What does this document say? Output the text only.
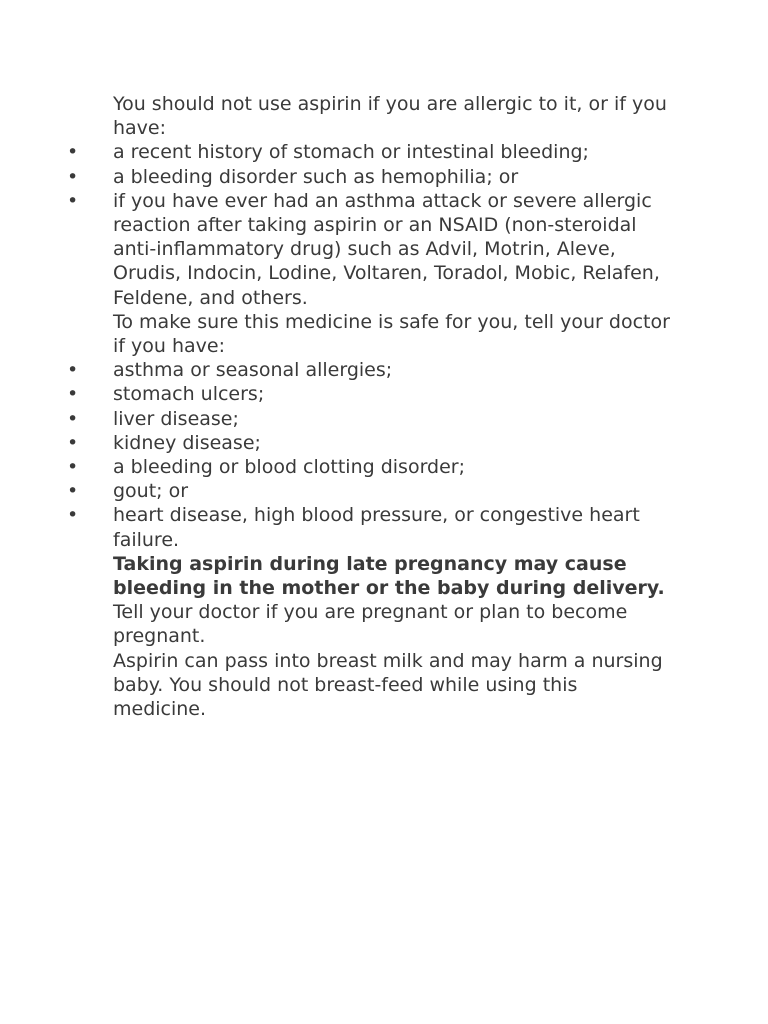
You should not use aspirin if you are allergic to it, or if you have:
• a recent history of stomach or intestinal bleeding;
• a bleeding disorder such as hemophilia; or
• if you have ever had an asthma attack or severe allergic reaction after taking aspirin or an NSAID (non-steroidal anti-inflammatory drug) such as Advil, Motrin, Aleve, Orudis, Indocin, Lodine, Voltaren, Toradol, Mobic, Relafen, Feldene, and others.
To make sure this medicine is safe for you, tell your doctor if you have:
• asthma or seasonal allergies;
• stomach ulcers;
• liver disease;
• kidney disease;
• a bleeding or blood clotting disorder;
• gout; or
• heart disease, high blood pressure, or congestive heart failure.
Taking aspirin during late pregnancy may cause bleeding in the mother or the baby during delivery. Tell your doctor if you are pregnant or plan to become pregnant.
Aspirin can pass into breast milk and may harm a nursing baby. You should not breast-feed while using this medicine.
